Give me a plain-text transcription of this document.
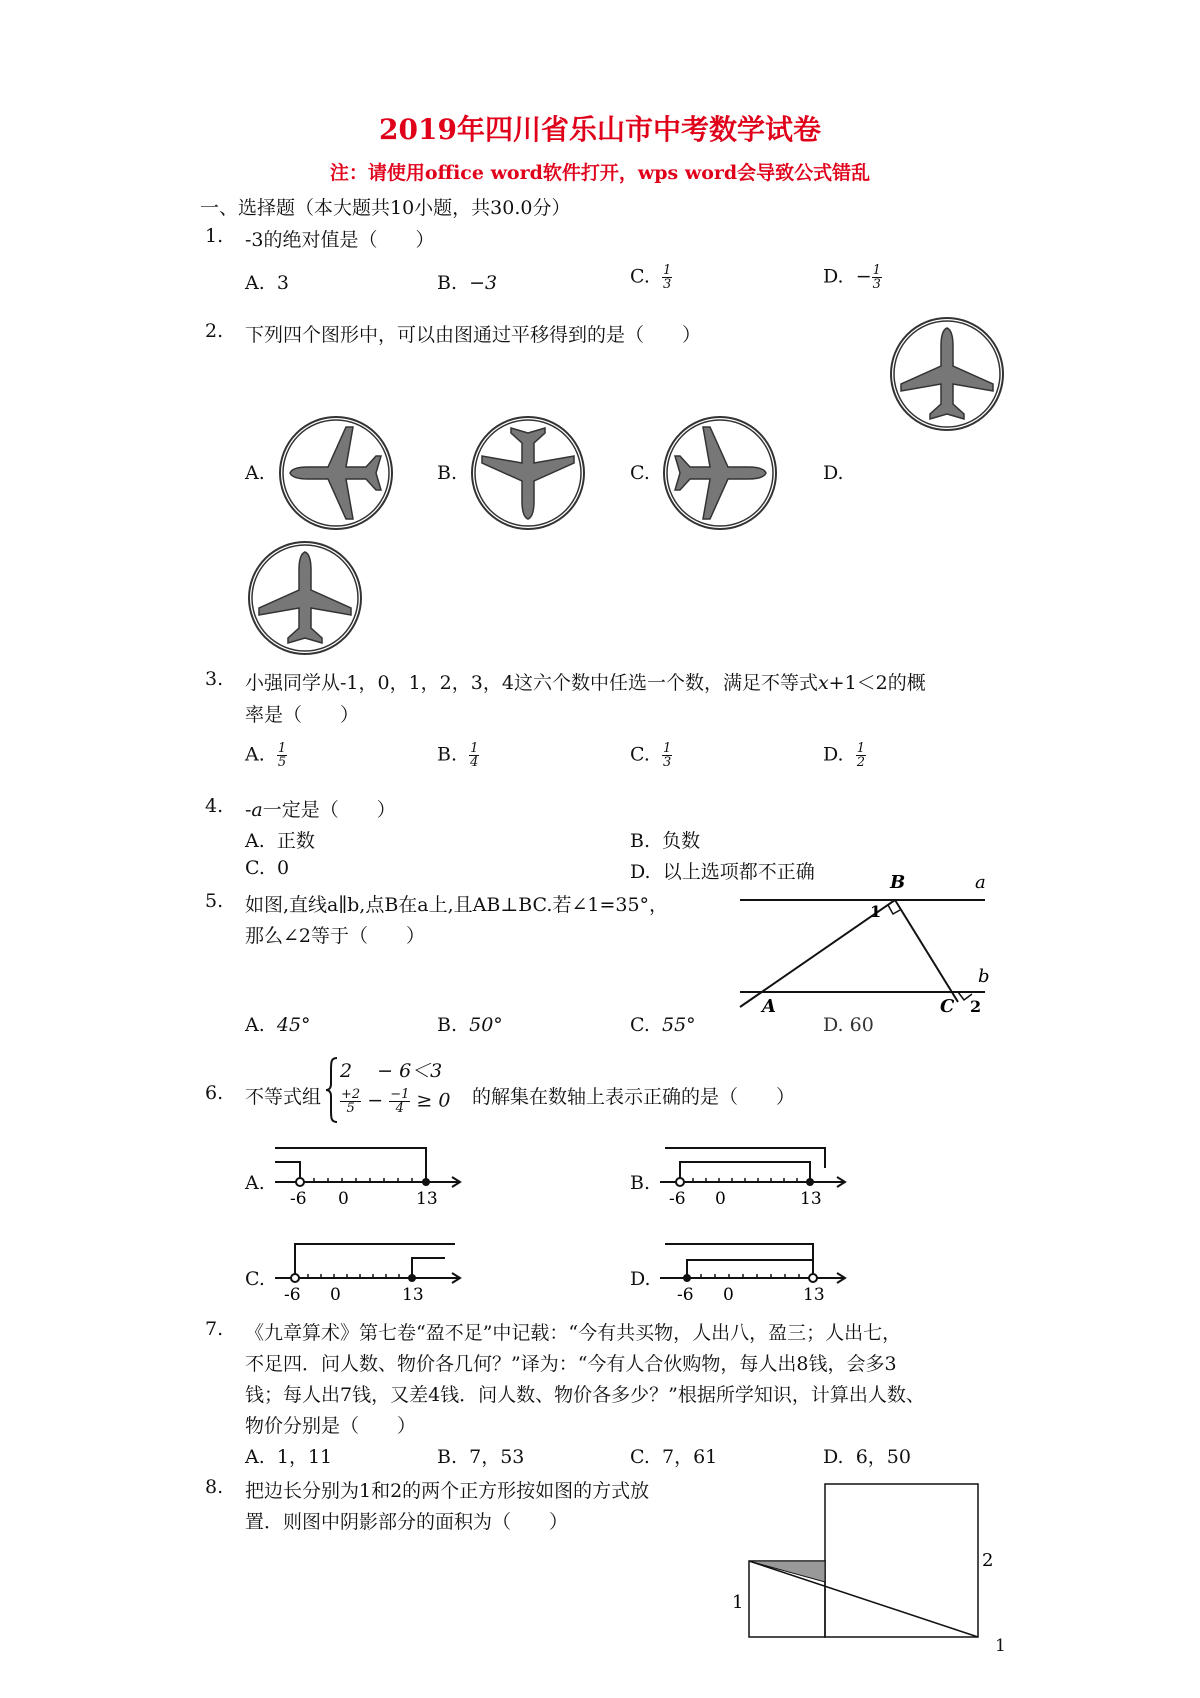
2019年四川省乐山市中考数学试卷
注：请使用office word软件打开，wps word会导致公式错乱
一、选择题（本大题共10小题，共30.0分）
1. -3的绝对值是（　　）
A. 3	B. −3	C. $\frac{1}{3}$	D. − $\frac{1}{3}$
2. 下列四个图形中，可以由图通过平移得到的是（　　）
A.	B.	C.	D.
3. 小强同学从-1，0，1，2，3，4这六个数中任选一个数，满足不等式x+1＜2的概
率是（　　）
A. $\frac{1}{5}$	B. $\frac{1}{4}$	C. $\frac{1}{3}$	D. $\frac{1}{2}$
4. -a一定是（　　）
A. 正数	B. 负数
C. 0	D. 以上选项都不正确
5. 如图,直线a∥b,点B在a上,且AB⊥BC.若∠1=35°，
那么∠2等于（　　）
B	a
1
b
A	C 2
A. 45°	B. 50°	C. 55°	D. 60
6. 不等式组
2　 − 6＜3
$\frac{+2}{5} - \frac{-1}{4} \ge 0$ 的解集在数轴上表示正确的是（　　）
A.
-6 0	13
B.
-6 0	13
C.
-6 0	13
D.
-6 0	13
7. 《九章算术》第七卷“盈不足”中记载：“今有共买物，人出八，盈三；人出七，
不足四．问人数、物价各几何？”译为：“今有人合伙购物，每人出8钱，会多3
钱；每人出7钱，又差4钱．问人数、物价各多少？”根据所学知识，计算出人数、
物价分别是（　　）
A. 1，11	B. 7，53	C. 7，61	D. 6，50
8. 把边长分别为1和2的两个正方形按如图的方式放
置．则图中阴影部分的面积为（　　）
1
2
1
